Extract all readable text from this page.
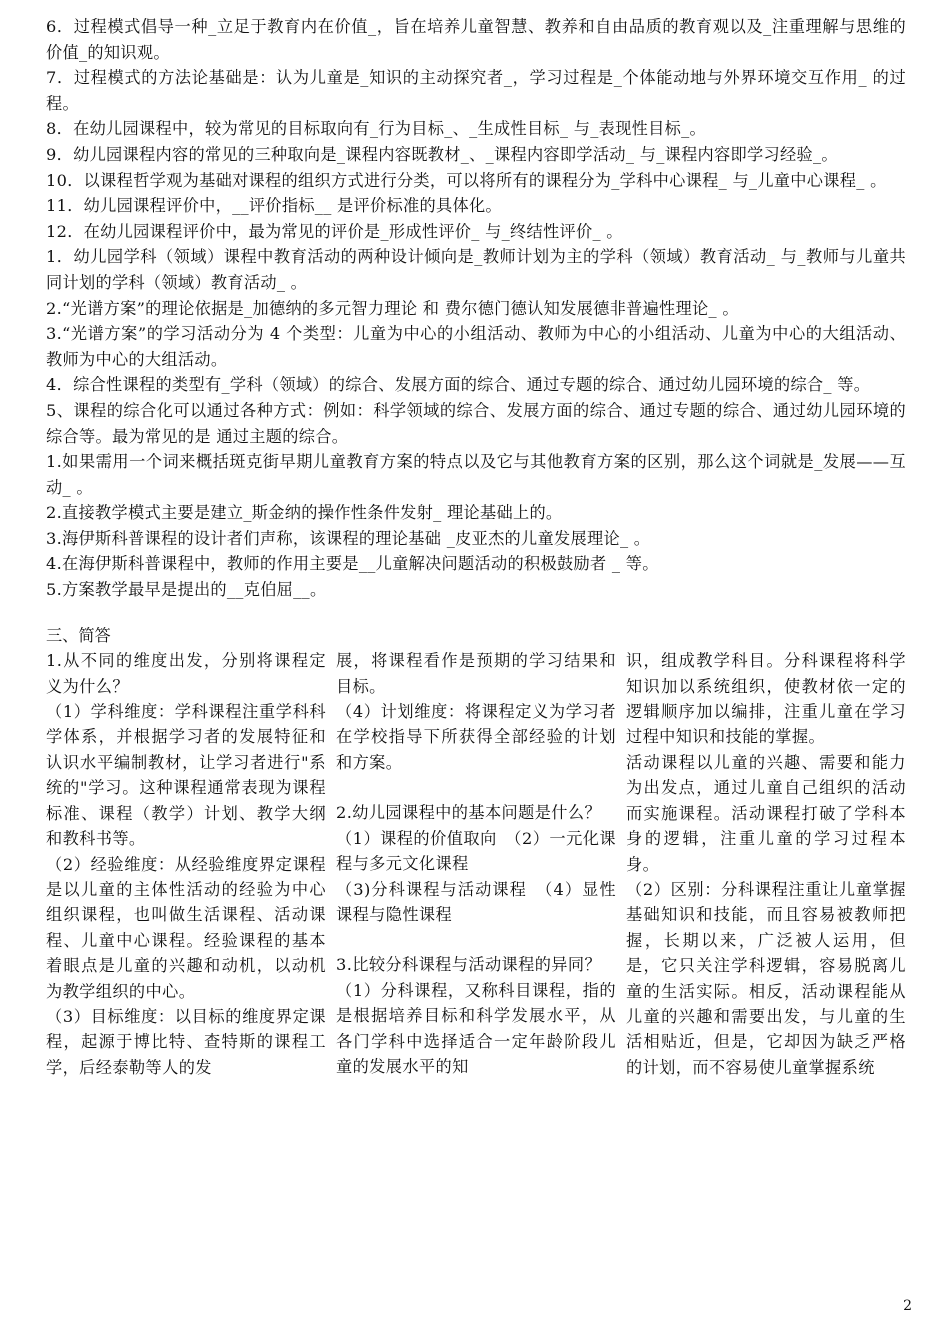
6．过程模式倡导一种_立足于教育内在价值_，旨在培养儿童智慧、教养和自由品质的教育观以及_注重理解与思维的价值_的知识观。

7．过程模式的方法论基础是：认为儿童是_知识的主动探究者_，学习过程是_个体能动地与外界环境交互作用_ 的过程。

8．在幼儿园课程中，较为常见的目标取向有_行为目标_、_生成性目标_ 与_表现性目标_。

9．幼儿园课程内容的常见的三种取向是_课程内容既教材_、_课程内容即学活动_ 与_课程内容即学习经验_。

10．以课程哲学观为基础对课程的组织方式进行分类，可以将所有的课程分为_学科中心课程_ 与_儿童中心课程_ 。

11．幼儿园课程评价中，__评价指标__ 是评价标准的具体化。

12．在幼儿园课程评价中，最为常见的评价是_形成性评价_ 与_终结性评价_ 。

1．幼儿园学科（领域）课程中教育活动的两种设计倾向是_教师计划为主的学科（领域）教育活动_ 与_教师与儿童共同计划的学科（领域）教育活动_ 。

2.“光谱方案”的理论依据是_加德纳的多元智力理论 和 费尔德门德认知发展德非普遍性理论_ 。

3.“光谱方案”的学习活动分为 4 个类型：儿童为中心的小组活动、教师为中心的小组活动、儿童为中心的大组活动、教师为中心的大组活动。

4．综合性课程的类型有_学科（领域）的综合、发展方面的综合、通过专题的综合、通过幼儿园环境的综合_ 等。

5、课程的综合化可以通过各种方式：例如：科学领域的综合、发展方面的综合、通过专题的综合、通过幼儿园环境的综合等。最为常见的是 通过主题的综合。

1.如果需用一个词来概括斑克街早期儿童教育方案的特点以及它与其他教育方案的区别，那么这个词就是_发展——互动_ 。

2.直接教学模式主要是建立_斯金纳的操作性条件发射_ 理论基础上的。

3.海伊斯科普课程的设计者们声称，该课程的理论基础 _皮亚杰的儿童发展理论_ 。

4.在海伊斯科普课程中，教师的作用主要是__儿童解决问题活动的积极鼓励者 _ 等。

5.方案教学最早是提出的__克伯屈__。

三、简答

1.从不同的维度出发，分别将课程定义为什么？

（1）学科维度：学科课程注重学科科学体系，并根据学习者的发展特征和认识水平编制教材，让学习者进行"系统的"学习。这种课程通常表现为课程标准、课程（教学）计划、教学大纲和教科书等。

（2）经验维度：从经验维度界定课程是以儿童的主体性活动的经验为中心组织课程，也叫做生活课程、活动课程、儿童中心课程。经验课程的基本着眼点是儿童的兴趣和动机，以动机为教学组织的中心。

（3）目标维度：以目标的维度界定课程，起源于博比特、查特斯的课程工学，后经泰勒等人的发

展，将课程看作是预期的学习结果和目标。

（4）计划维度：将课程定义为学习者在学校指导下所获得全部经验的计划和方案。

2.幼儿园课程中的基本问题是什么？

（1）课程的价值取向　（2）一元化课程与多元文化课程

（3)分科课程与活动课程　（4）显性课程与隐性课程

3.比较分科课程与活动课程的异同？

（1）分科课程，又称科目课程，指的是根据培养目标和科学发展水平，从各门学科中选择适合一定年龄阶段儿童的发展水平的知

识，组成教学科目。分科课程将科学知识加以系统组织，使教材依一定的逻辑顺序加以编排，注重儿童在学习过程中知识和技能的掌握。

活动课程以儿童的兴趣、需要和能力为出发点，通过儿童自己组织的活动而实施课程。活动课程打破了学科本身的逻辑，注重儿童的学习过程本身。

（2）区别：分科课程注重让儿童掌握基础知识和技能，而且容易被教师把握，长期以来，广泛被人运用，但是，它只关注学科逻辑，容易脱离儿童的生活实际。相反，活动课程能从儿童的兴趣和需要出发，与儿童的生活相贴近，但是，它却因为缺乏严格的计划，而不容易使儿童掌握系统

2
